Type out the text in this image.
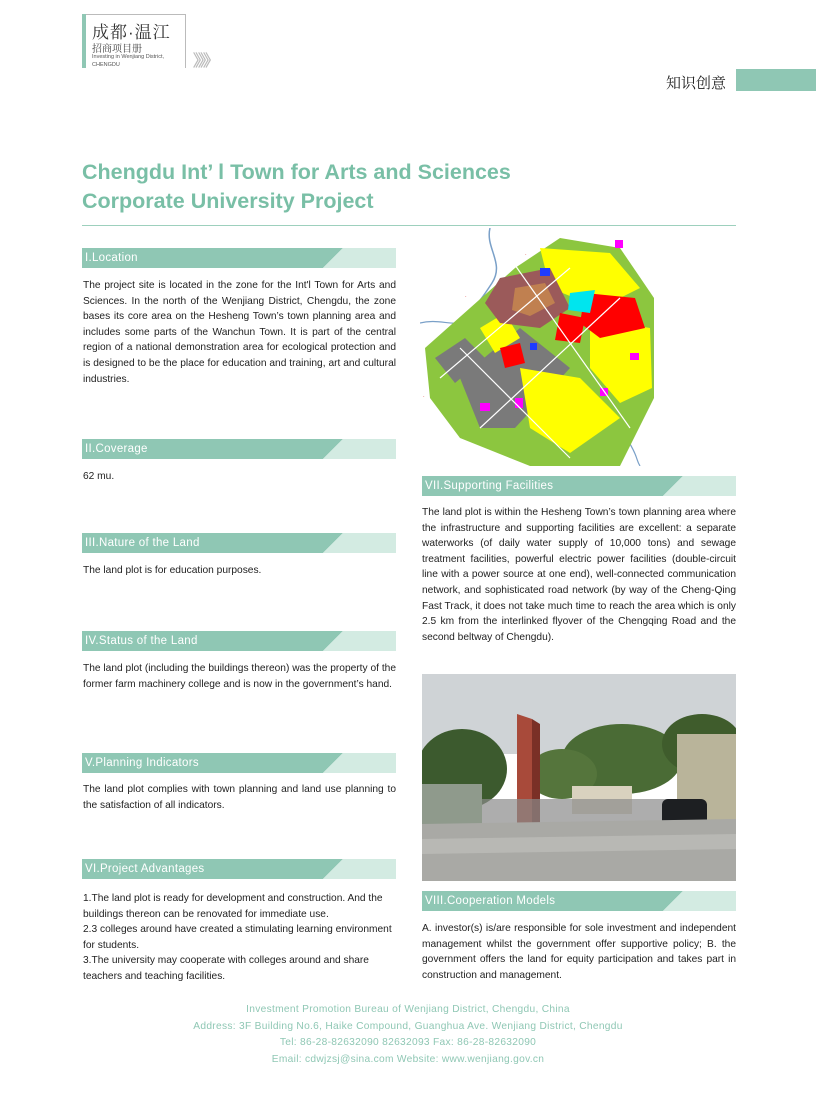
成都·温江
招商项目册
Investing in Wenjiang District,
CHENGDU	》》》
知识创意
Chengdu Int’ l Town for Arts and Sciences
Corporate University Project
I.Location
The project site is located in the zone for the Int'l Town for Arts and Sciences. In the north of the Wenjiang District, Chengdu, the zone bases its core area on the Hesheng Town’s town planning area and includes some parts of the Wanchun Town. It is part of the central region of a national demonstration area for ecological protection and is designed to be the place for education and training, art and cultural industries.
II.Coverage
62 mu.
III.Nature of the Land
The land plot is for education purposes.
IV.Status of the Land
The land plot (including the buildings thereon) was the property of the former farm machinery college and is now in the government’s hand.
V.Planning Indicators
The land plot complies with town planning and land use planning to the satisfaction of all indicators.
VI.Project Advantages

1.The land plot is ready for development and construction. And the buildings thereon can be renovated for immediate use.

2.3 colleges around have created a stimulating learning environment for students.

3.The university may cooperate with colleges around and share teachers and teaching facilities.

·
·
·
VII.Supporting Facilities
The land plot is within the Hesheng Town’s town planning area where the infrastructure and supporting facilities are excellent: a separate waterworks (of daily water supply of 10,000 tons) and sewage treatment facilities, powerful electric power facilities (double-circuit line with a power source at one end), well-connected communication network, and sophisticated road network (by way of the Cheng-Qing Fast Track, it does not take much time to reach the area which is only 2.5 km from the interlinked flyover of the Chengqing Road and the second beltway of Chengdu).
VIII.Cooperation Models
A. investor(s) is/are responsible for sole investment and independent management whilst the government offer supportive policy; B. the government offers the land for equity participation and takes part in construction and management.
Investment Promotion Bureau of Wenjiang District, Chengdu, China
Address: 3F Building No.6, Haike Compound, Guanghua Ave. Wenjiang District, Chengdu
Tel: 86-28-82632090 82632093 Fax: 86-28-82632090
Email: cdwjzsj@sina.com Website: www.wenjiang.gov.cn
